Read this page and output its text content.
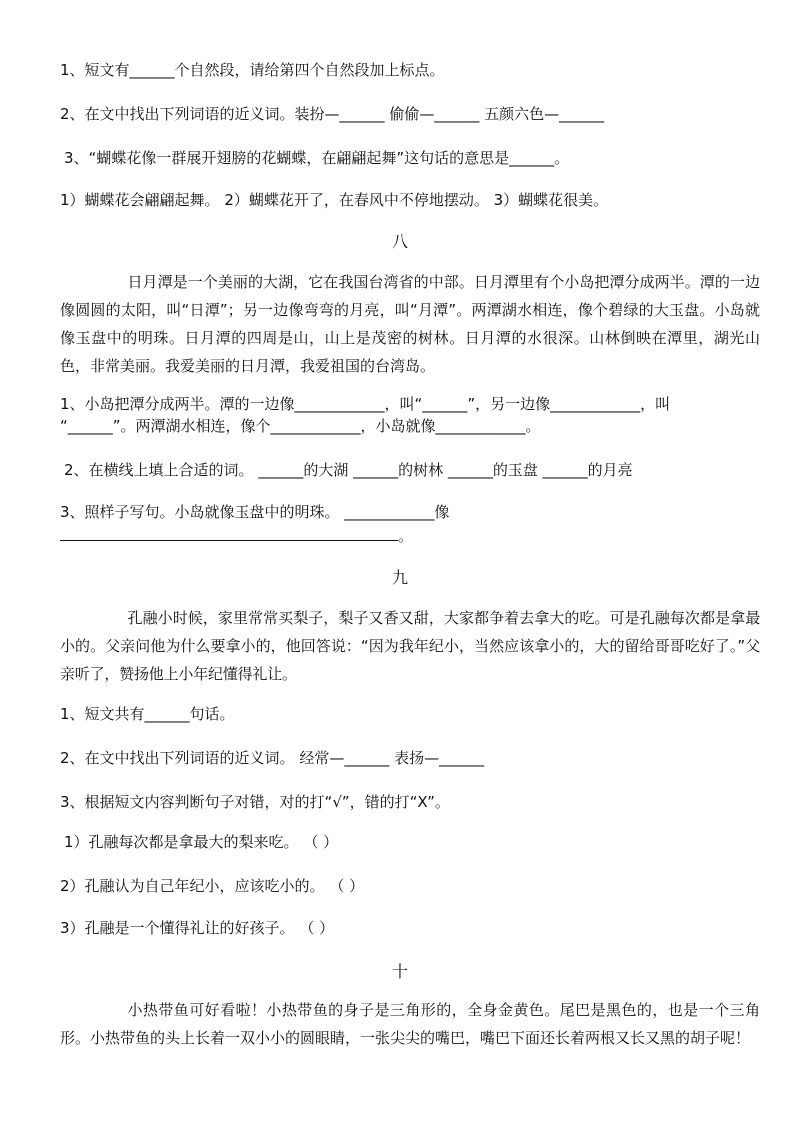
1、短文有______个自然段，请给第四个自然段加上标点。
2、在文中找出下列词语的近义词。装扮—______ 偷偷—______ 五颜六色—______
3、“蝴蝶花像一群展开翅膀的花蝴蝶，在翩翩起舞”这句话的意思是______。
1）蝴蝶花会翩翩起舞。 2）蝴蝶花开了，在春风中不停地摆动。 3）蝴蝶花很美。
八

日月潭是一个美丽的大湖，它在我国台湾省的中部。日月潭里有个小岛把潭分成两半。潭的一边像圆圆的太阳，叫“日潭”；另一边像弯弯的月亮，叫“月潭”。两潭湖水相连，像个碧绿的大玉盘。小岛就像玉盘中的明珠。日月潭的四周是山，山上是茂密的树林。日月潭的水很深。山林倒映在潭里，湖光山色，非常美丽。我爱美丽的日月潭，我爱祖国的台湾岛。

1、小岛把潭分成两半。潭的一边像____________，叫“______”，另一边像____________，叫
“______”。两潭湖水相连，像个____________，小岛就像____________。
2、在横线上填上合适的词。 ______的大湖 ______的树林 ______的玉盘 ______的月亮
3、照样子写句。小岛就像玉盘中的明珠。 ____________像
。
九

孔融小时候，家里常常买梨子，梨子又香又甜，大家都争着去拿大的吃。可是孔融每次都是拿最小的。父亲问他为什么要拿小的，他回答说：“因为我年纪小，当然应该拿小的，大的留给哥哥吃好了。”父亲听了，赞扬他上小年纪懂得礼让。

1、短文共有______句话。
2、在文中找出下列词语的近义词。 经常—______ 表扬—______
3、根据短文内容判断句子对错，对的打“√”，错的打“X”。
1）孔融每次都是拿最大的梨来吃。 （ ）
2）孔融认为自己年纪小，应该吃小的。 （ ）
3）孔融是一个懂得礼让的好孩子。 （ ）
十

小热带鱼可好看啦！小热带鱼的身子是三角形的，全身金黄色。尾巴是黑色的，也是一个三角形。小热带鱼的头上长着一双小小的圆眼睛，一张尖尖的嘴巴，嘴巴下面还长着两根又长又黑的胡子呢！
